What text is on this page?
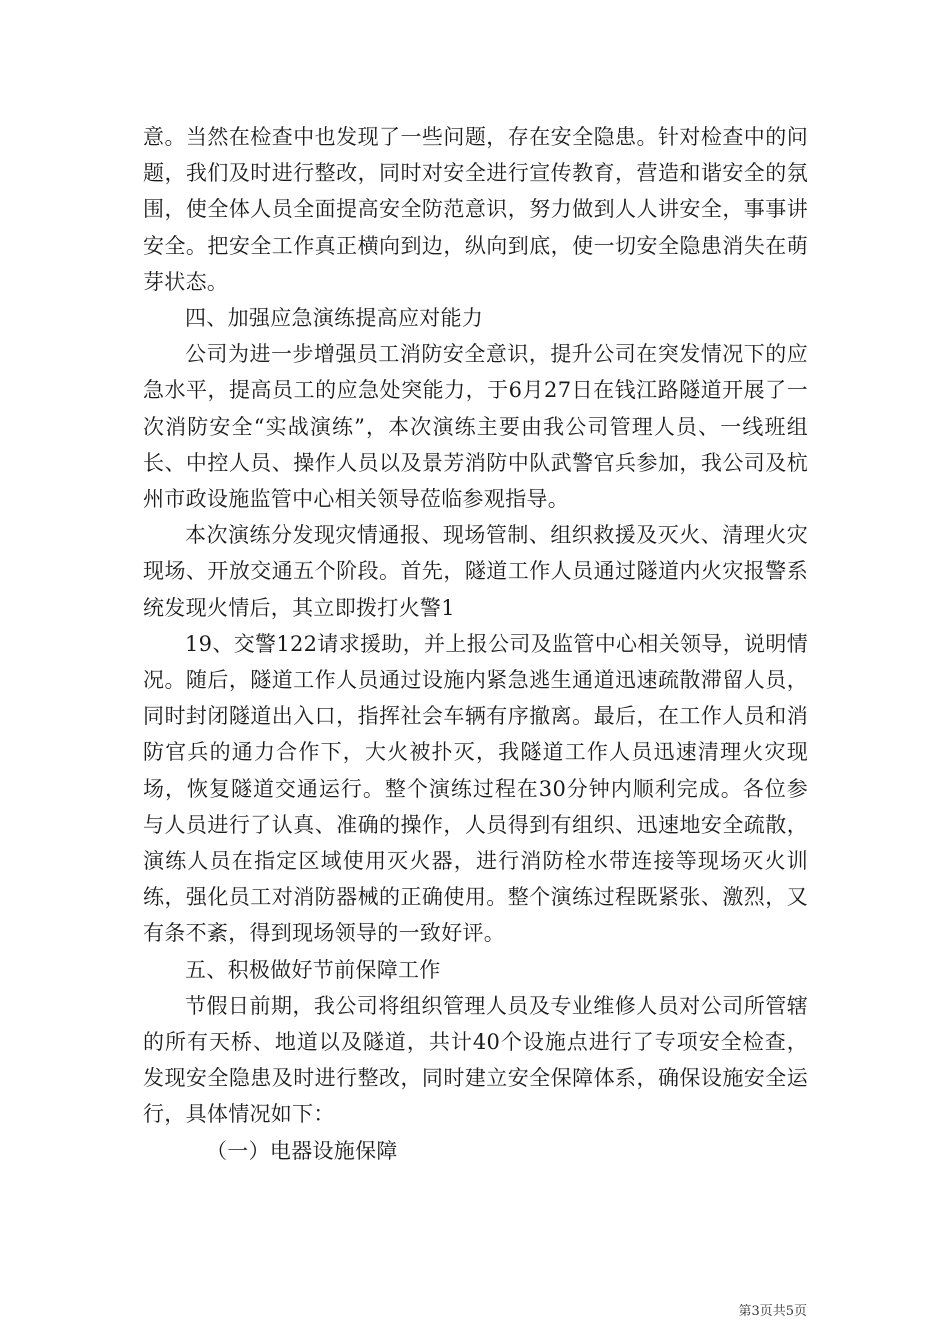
意。当然在检查中也发现了一些问题，存在安全隐患。针对检查中的问题，我们及时进行整改，同时对安全进行宣传教育，营造和谐安全的氛围，使全体人员全面提高安全防范意识，努力做到人人讲安全，事事讲安全。把安全工作真正横向到边，纵向到底，使一切安全隐患消失在萌芽状态。

四、加强应急演练提高应对能力

公司为进一步增强员工消防安全意识，提升公司在突发情况下的应急水平，提高员工的应急处突能力，于6月27日在钱江路隧道开展了一次消防安全“实战演练”，本次演练主要由我公司管理人员、一线班组长、中控人员、操作人员以及景芳消防中队武警官兵参加，我公司及杭州市政设施监管中心相关领导莅临参观指导。

本次演练分发现灾情通报、现场管制、组织救援及灭火、清理火灾现场、开放交通五个阶段。首先，隧道工作人员通过隧道内火灾报警系统发现火情后，其立即拨打火警1

19、交警122请求援助，并上报公司及监管中心相关领导，说明情况。随后，隧道工作人员通过设施内紧急逃生通道迅速疏散滞留人员，同时封闭隧道出入口，指挥社会车辆有序撤离。最后，在工作人员和消防官兵的通力合作下，大火被扑灭，我隧道工作人员迅速清理火灾现场，恢复隧道交通运行。整个演练过程在30分钟内顺利完成。各位参与人员进行了认真、准确的操作，人员得到有组织、迅速地安全疏散，演练人员在指定区域使用灭火器，进行消防栓水带连接等现场灭火训练，强化员工对消防器械的正确使用。整个演练过程既紧张、激烈，又有条不紊，得到现场领导的一致好评。

五、积极做好节前保障工作

节假日前期，我公司将组织管理人员及专业维修人员对公司所管辖的所有天桥、地道以及隧道，共计40个设施点进行了专项安全检查，发现安全隐患及时进行整改，同时建立安全保障体系，确保设施安全运行，具体情况如下：

（一）电器设施保障

第3页共5页
